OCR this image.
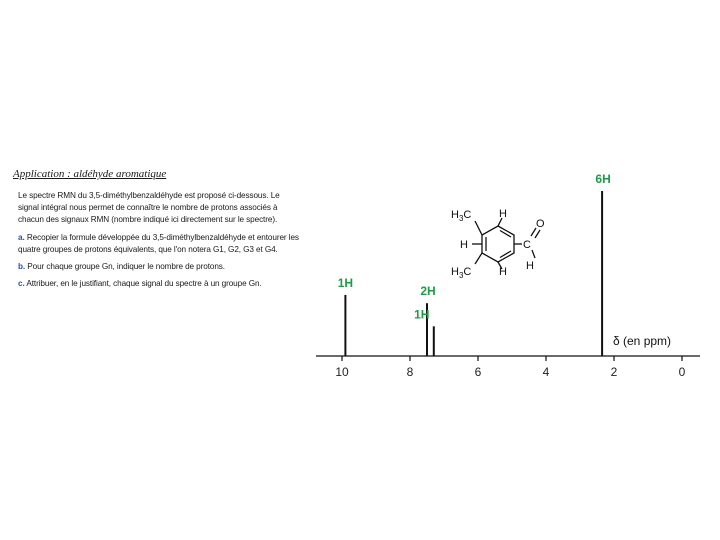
Application : aldéhyde aromatique

Le spectre RMN du 3,5-diméthylbenzaldéhyde est proposé ci-dessous. Le signal intégral nous permet de connaître le nombre de protons associés à chacun des signaux RMN (nombre indiqué ici directement sur le spectre).

a. Recopier la formule développée du 3,5-diméthylbenzaldéhyde et entourer les quatre groupes de protons équivalents, que l'on notera G1, G2, G3 et G4.

b. Pour chaque groupe Gn, indiquer le nombre de protons.

c. Attribuer, en le justifiant, chaque signal du spectre à un groupe Gn.

$H_3C$	H
H
$H_3C$	H
C
O
H
10	8	6	4	2	0
1H
2H
1H
6H
δ (en ppm)
